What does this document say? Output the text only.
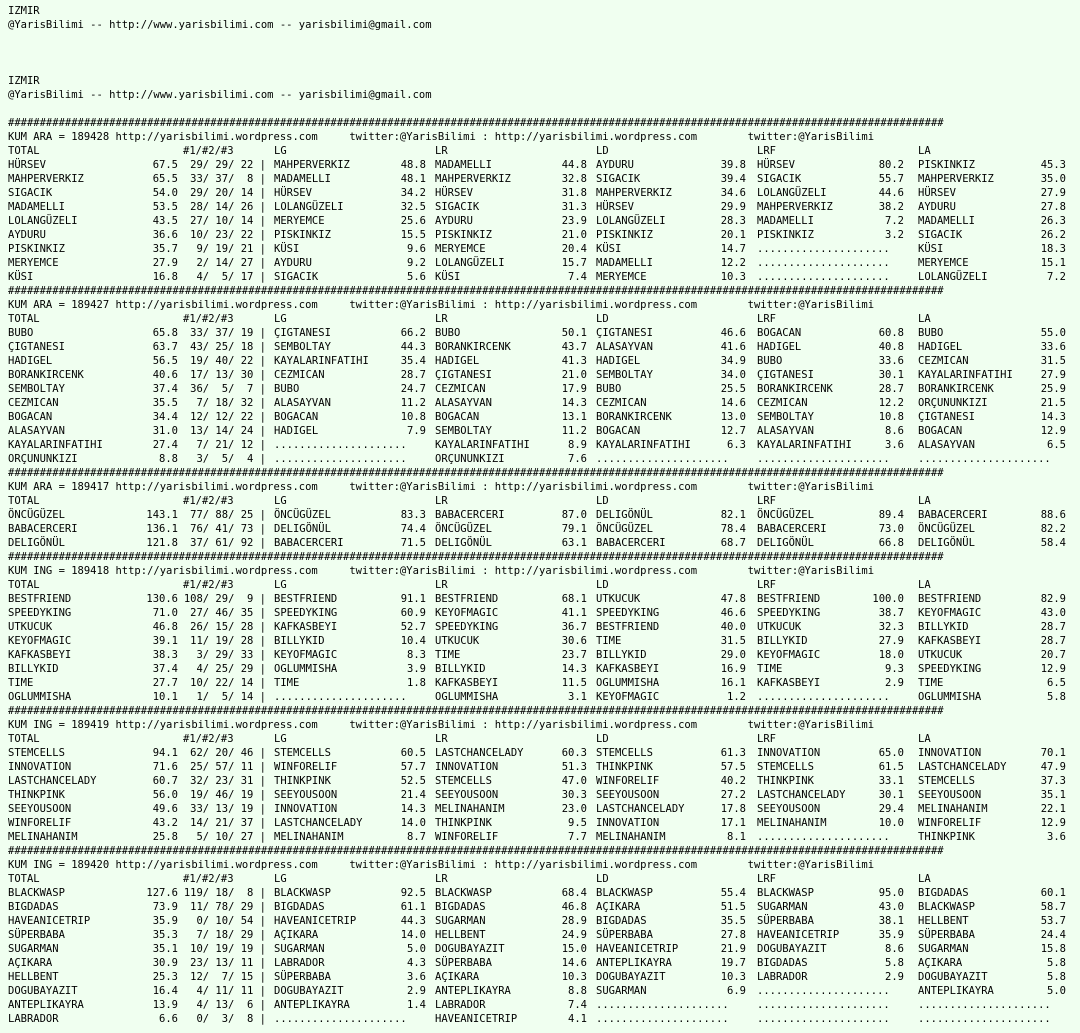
IZMIR
@YarisBilimi -- http://www.yarisbilimi.com -- yarisbilimi@gmail.com
IZMIR
@YarisBilimi -- http://www.yarisbilimi.com -- yarisbilimi@gmail.com
####################################################################################################################################################
KUM ARA = 189428 http://yarisbilimi.wordpress.com     twitter:@YarisBilimi : http://yarisbilimi.wordpress.com        twitter:@YarisBilimi
TOTAL	#1/#2/#3	LG	LR	LD	LRF	LA
HÜRSEV	67.5 29/ 29/ 22 | MAHPERVERKIZ	48.8 MADAMELLI	44.8 AYDURU	39.8 HÜRSEV	80.2 PISKINKIZ	45.3
MAHPERVERKIZ	65.5 33/ 37/  8 | MADAMELLI	48.1 MAHPERVERKIZ	32.8 SIGACIK	39.4 SIGACIK	55.7 MAHPERVERKIZ	35.0
SIGACIK	54.0 29/ 20/ 14 | HÜRSEV	34.2 HÜRSEV	31.8 MAHPERVERKIZ	34.6 LOLANGÜZELI	44.6 HÜRSEV	27.9
MADAMELLI	53.5 28/ 14/ 26 | LOLANGÜZELI	32.5 SIGACIK	31.3 HÜRSEV	29.9 MAHPERVERKIZ	38.2 AYDURU	27.8
LOLANGÜZELI	43.5 27/ 10/ 14 | MERYEMCE	25.6 AYDURU	23.9 LOLANGÜZELI	28.3 MADAMELLI	7.2 MADAMELLI	26.3
AYDURU	36.6 10/ 23/ 22 | PISKINKIZ	15.5 PISKINKIZ	21.0 PISKINKIZ	20.1 PISKINKIZ	3.2 SIGACIK	26.2
PISKINKIZ	35.7 9/ 19/ 21 | KÜSI	9.6 MERYEMCE	20.4 KÜSI	14.7 .....................	KÜSI	18.3
MERYEMCE	27.9 2/ 14/ 27 | AYDURU	9.2 LOLANGÜZELI	15.7 MADAMELLI	12.2 .....................	MERYEMCE	15.1
KÜSI	16.8 4/  5/ 17 | SIGACIK	5.6 KÜSI	7.4 MERYEMCE	10.3 .....................	LOLANGÜZELI	7.2
####################################################################################################################################################
KUM ARA = 189427 http://yarisbilimi.wordpress.com     twitter:@YarisBilimi : http://yarisbilimi.wordpress.com        twitter:@YarisBilimi
TOTAL	#1/#2/#3	LG	LR	LD	LRF	LA
BUBO	65.8 33/ 37/ 19 | ÇIGTANESI	66.2 BUBO	50.1 ÇIGTANESI	46.6 BOGACAN	60.8 BUBO	55.0
ÇIGTANESI	63.7 43/ 25/ 18 | SEMBOLTAY	44.3 BORANKIRCENK	43.7 ALASAYVAN	41.6 HADIGEL	40.8 HADIGEL	33.6
HADIGEL	56.5 19/ 40/ 22 | KAYALARINFATIHI	35.4 HADIGEL	41.3 HADIGEL	34.9 BUBO	33.6 CEZMICAN	31.5
BORANKIRCENK	40.6 17/ 13/ 30 | CEZMICAN	28.7 ÇIGTANESI	21.0 SEMBOLTAY	34.0 ÇIGTANESI	30.1 KAYALARINFATIHI	27.9
SEMBOLTAY	37.4 36/  5/  7 | BUBO	24.7 CEZMICAN	17.9 BUBO	25.5 BORANKIRCENK	28.7 BORANKIRCENK	25.9
CEZMICAN	35.5 7/ 18/ 32 | ALASAYVAN	11.2 ALASAYVAN	14.3 CEZMICAN	14.6 CEZMICAN	12.2 ORÇUNUNKIZI	21.5
BOGACAN	34.4 12/ 12/ 22 | BOGACAN	10.8 BOGACAN	13.1 BORANKIRCENK	13.0 SEMBOLTAY	10.8 ÇIGTANESI	14.3
ALASAYVAN	31.0 13/ 14/ 24 | HADIGEL	7.9 SEMBOLTAY	11.2 BOGACAN	12.7 ALASAYVAN	8.6 BOGACAN	12.9
KAYALARINFATIHI	27.4 7/ 21/ 12 | .....................	KAYALARINFATIHI	8.9 KAYALARINFATIHI	6.3 KAYALARINFATIHI	3.6 ALASAYVAN	6.5
ORÇUNUNKIZI	8.8 3/  5/  4 | .....................	ORÇUNUNKIZI	7.6 .....................	.....................	.....................
####################################################################################################################################################
KUM ARA = 189417 http://yarisbilimi.wordpress.com     twitter:@YarisBilimi : http://yarisbilimi.wordpress.com        twitter:@YarisBilimi
TOTAL	#1/#2/#3	LG	LR	LD	LRF	LA
ÖNCÜGÜZEL	143.1 77/ 88/ 25 | ÖNCÜGÜZEL	83.3 BABACERCERI	87.0 DELIGÖNÜL	82.1 ÖNCÜGÜZEL	89.4 BABACERCERI	88.6
BABACERCERI	136.1 76/ 41/ 73 | DELIGÖNÜL	74.4 ÖNCÜGÜZEL	79.1 ÖNCÜGÜZEL	78.4 BABACERCERI	73.0 ÖNCÜGÜZEL	82.2
DELIGÖNÜL	121.8 37/ 61/ 92 | BABACERCERI	71.5 DELIGÖNÜL	63.1 BABACERCERI	68.7 DELIGÖNÜL	66.8 DELIGÖNÜL	58.4
####################################################################################################################################################
KUM ING = 189418 http://yarisbilimi.wordpress.com     twitter:@YarisBilimi : http://yarisbilimi.wordpress.com        twitter:@YarisBilimi
TOTAL	#1/#2/#3	LG	LR	LD	LRF	LA
BESTFRIEND	130.6 108/ 29/  9 | BESTFRIEND	91.1 BESTFRIEND	68.1 UTKUCUK	47.8 BESTFRIEND	100.0 BESTFRIEND	82.9
SPEEDYKING	71.0 27/ 46/ 35 | SPEEDYKING	60.9 KEYOFMAGIC	41.1 SPEEDYKING	46.6 SPEEDYKING	38.7 KEYOFMAGIC	43.0
UTKUCUK	46.8 26/ 15/ 28 | KAFKASBEYI	52.7 SPEEDYKING	36.7 BESTFRIEND	40.0 UTKUCUK	32.3 BILLYKID	28.7
KEYOFMAGIC	39.1 11/ 19/ 28 | BILLYKID	10.4 UTKUCUK	30.6 TIME	31.5 BILLYKID	27.9 KAFKASBEYI	28.7
KAFKASBEYI	38.3 3/ 29/ 33 | KEYOFMAGIC	8.3 TIME	23.7 BILLYKID	29.0 KEYOFMAGIC	18.0 UTKUCUK	20.7
BILLYKID	37.4 4/ 25/ 29 | OGLUMMISHA	3.9 BILLYKID	14.3 KAFKASBEYI	16.9 TIME	9.3 SPEEDYKING	12.9
TIME	27.7 10/ 22/ 14 | TIME	1.8 KAFKASBEYI	11.5 OGLUMMISHA	16.1 KAFKASBEYI	2.9 TIME	6.5
OGLUMMISHA	10.1 1/  5/ 14 | .....................	OGLUMMISHA	3.1 KEYOFMAGIC	1.2 .....................	OGLUMMISHA	5.8
####################################################################################################################################################
KUM ING = 189419 http://yarisbilimi.wordpress.com     twitter:@YarisBilimi : http://yarisbilimi.wordpress.com        twitter:@YarisBilimi
TOTAL	#1/#2/#3	LG	LR	LD	LRF	LA
STEMCELLS	94.1 62/ 20/ 46 | STEMCELLS	60.5 LASTCHANCELADY	60.3 STEMCELLS	61.3 INNOVATION	65.0 INNOVATION	70.1
INNOVATION	71.6 25/ 57/ 11 | WINFORELIF	57.7 INNOVATION	51.3 THINKPINK	57.5 STEMCELLS	61.5 LASTCHANCELADY	47.9
LASTCHANCELADY	60.7 32/ 23/ 31 | THINKPINK	52.5 STEMCELLS	47.0 WINFORELIF	40.2 THINKPINK	33.1 STEMCELLS	37.3
THINKPINK	56.0 19/ 46/ 19 | SEEYOUSOON	21.4 SEEYOUSOON	30.3 SEEYOUSOON	27.2 LASTCHANCELADY	30.1 SEEYOUSOON	35.1
SEEYOUSOON	49.6 33/ 13/ 19 | INNOVATION	14.3 MELINAHANIM	23.0 LASTCHANCELADY	17.8 SEEYOUSOON	29.4 MELINAHANIM	22.1
WINFORELIF	43.2 14/ 21/ 37 | LASTCHANCELADY	14.0 THINKPINK	9.5 INNOVATION	17.1 MELINAHANIM	10.0 WINFORELIF	12.9
MELINAHANIM	25.8 5/ 10/ 27 | MELINAHANIM	8.7 WINFORELIF	7.7 MELINAHANIM	8.1 .....................	THINKPINK	3.6
####################################################################################################################################################
KUM ING = 189420 http://yarisbilimi.wordpress.com     twitter:@YarisBilimi : http://yarisbilimi.wordpress.com        twitter:@YarisBilimi
TOTAL	#1/#2/#3	LG	LR	LD	LRF	LA
BLACKWASP	127.6 119/ 18/  8 | BLACKWASP	92.5 BLACKWASP	68.4 BLACKWASP	55.4 BLACKWASP	95.0 BIGDADAS	60.1
BIGDADAS	73.9 11/ 78/ 29 | BIGDADAS	61.1 BIGDADAS	46.8 AÇIKARA	51.5 SUGARMAN	43.0 BLACKWASP	58.7
HAVEANICETRIP	35.9 0/ 10/ 54 | HAVEANICETRIP	44.3 SUGARMAN	28.9 BIGDADAS	35.5 SÜPERBABA	38.1 HELLBENT	53.7
SÜPERBABA	35.3 7/ 18/ 29 | AÇIKARA	14.0 HELLBENT	24.9 SÜPERBABA	27.8 HAVEANICETRIP	35.9 SÜPERBABA	24.4
SUGARMAN	35.1 10/ 19/ 19 | SUGARMAN	5.0 DOGUBAYAZIT	15.0 HAVEANICETRIP	21.9 DOGUBAYAZIT	8.6 SUGARMAN	15.8
AÇIKARA	30.9 23/ 13/ 11 | LABRADOR	4.3 SÜPERBABA	14.6 ANTEPLIKAYRA	19.7 BIGDADAS	5.8 AÇIKARA	5.8
HELLBENT	25.3 12/  7/ 15 | SÜPERBABA	3.6 AÇIKARA	10.3 DOGUBAYAZIT	10.3 LABRADOR	2.9 DOGUBAYAZIT	5.8
DOGUBAYAZIT	16.4 4/ 11/ 11 | DOGUBAYAZIT	2.9 ANTEPLIKAYRA	8.8 SUGARMAN	6.9 .....................	ANTEPLIKAYRA	5.0
ANTEPLIKAYRA	13.9 4/ 13/  6 | ANTEPLIKAYRA	1.4 LABRADOR	7.4 .....................	.....................	.....................
LABRADOR	6.6 0/  3/  8 | .....................	HAVEANICETRIP	4.1 .....................	.....................	.....................
